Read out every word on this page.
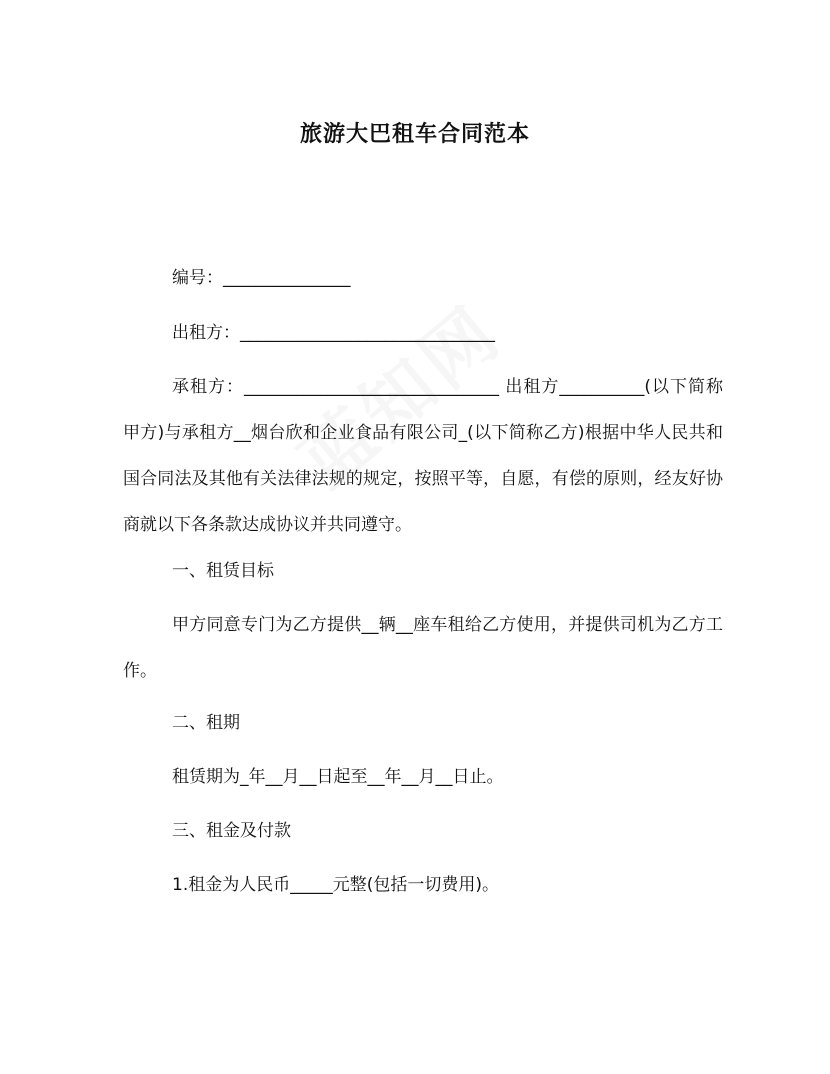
旅游大巴租车合同范本
编号：_______________
出租方：______________________________
承租方：______________________________ 出租方__________(以下简称甲方)与承租方__烟台欣和企业食品有限公司_(以下简称乙方)根据中华人民共和国合同法及其他有关法律法规的规定，按照平等，自愿，有偿的原则，经友好协商就以下各条款达成协议并共同遵守。
一、租赁目标
甲方同意专门为乙方提供__辆__座车租给乙方使用，并提供司机为乙方工作。
二、租期
租赁期为_年__月__日起至__年__月__日止。
三、租金及付款
1.租金为人民币_____元整(包括一切费用)。
